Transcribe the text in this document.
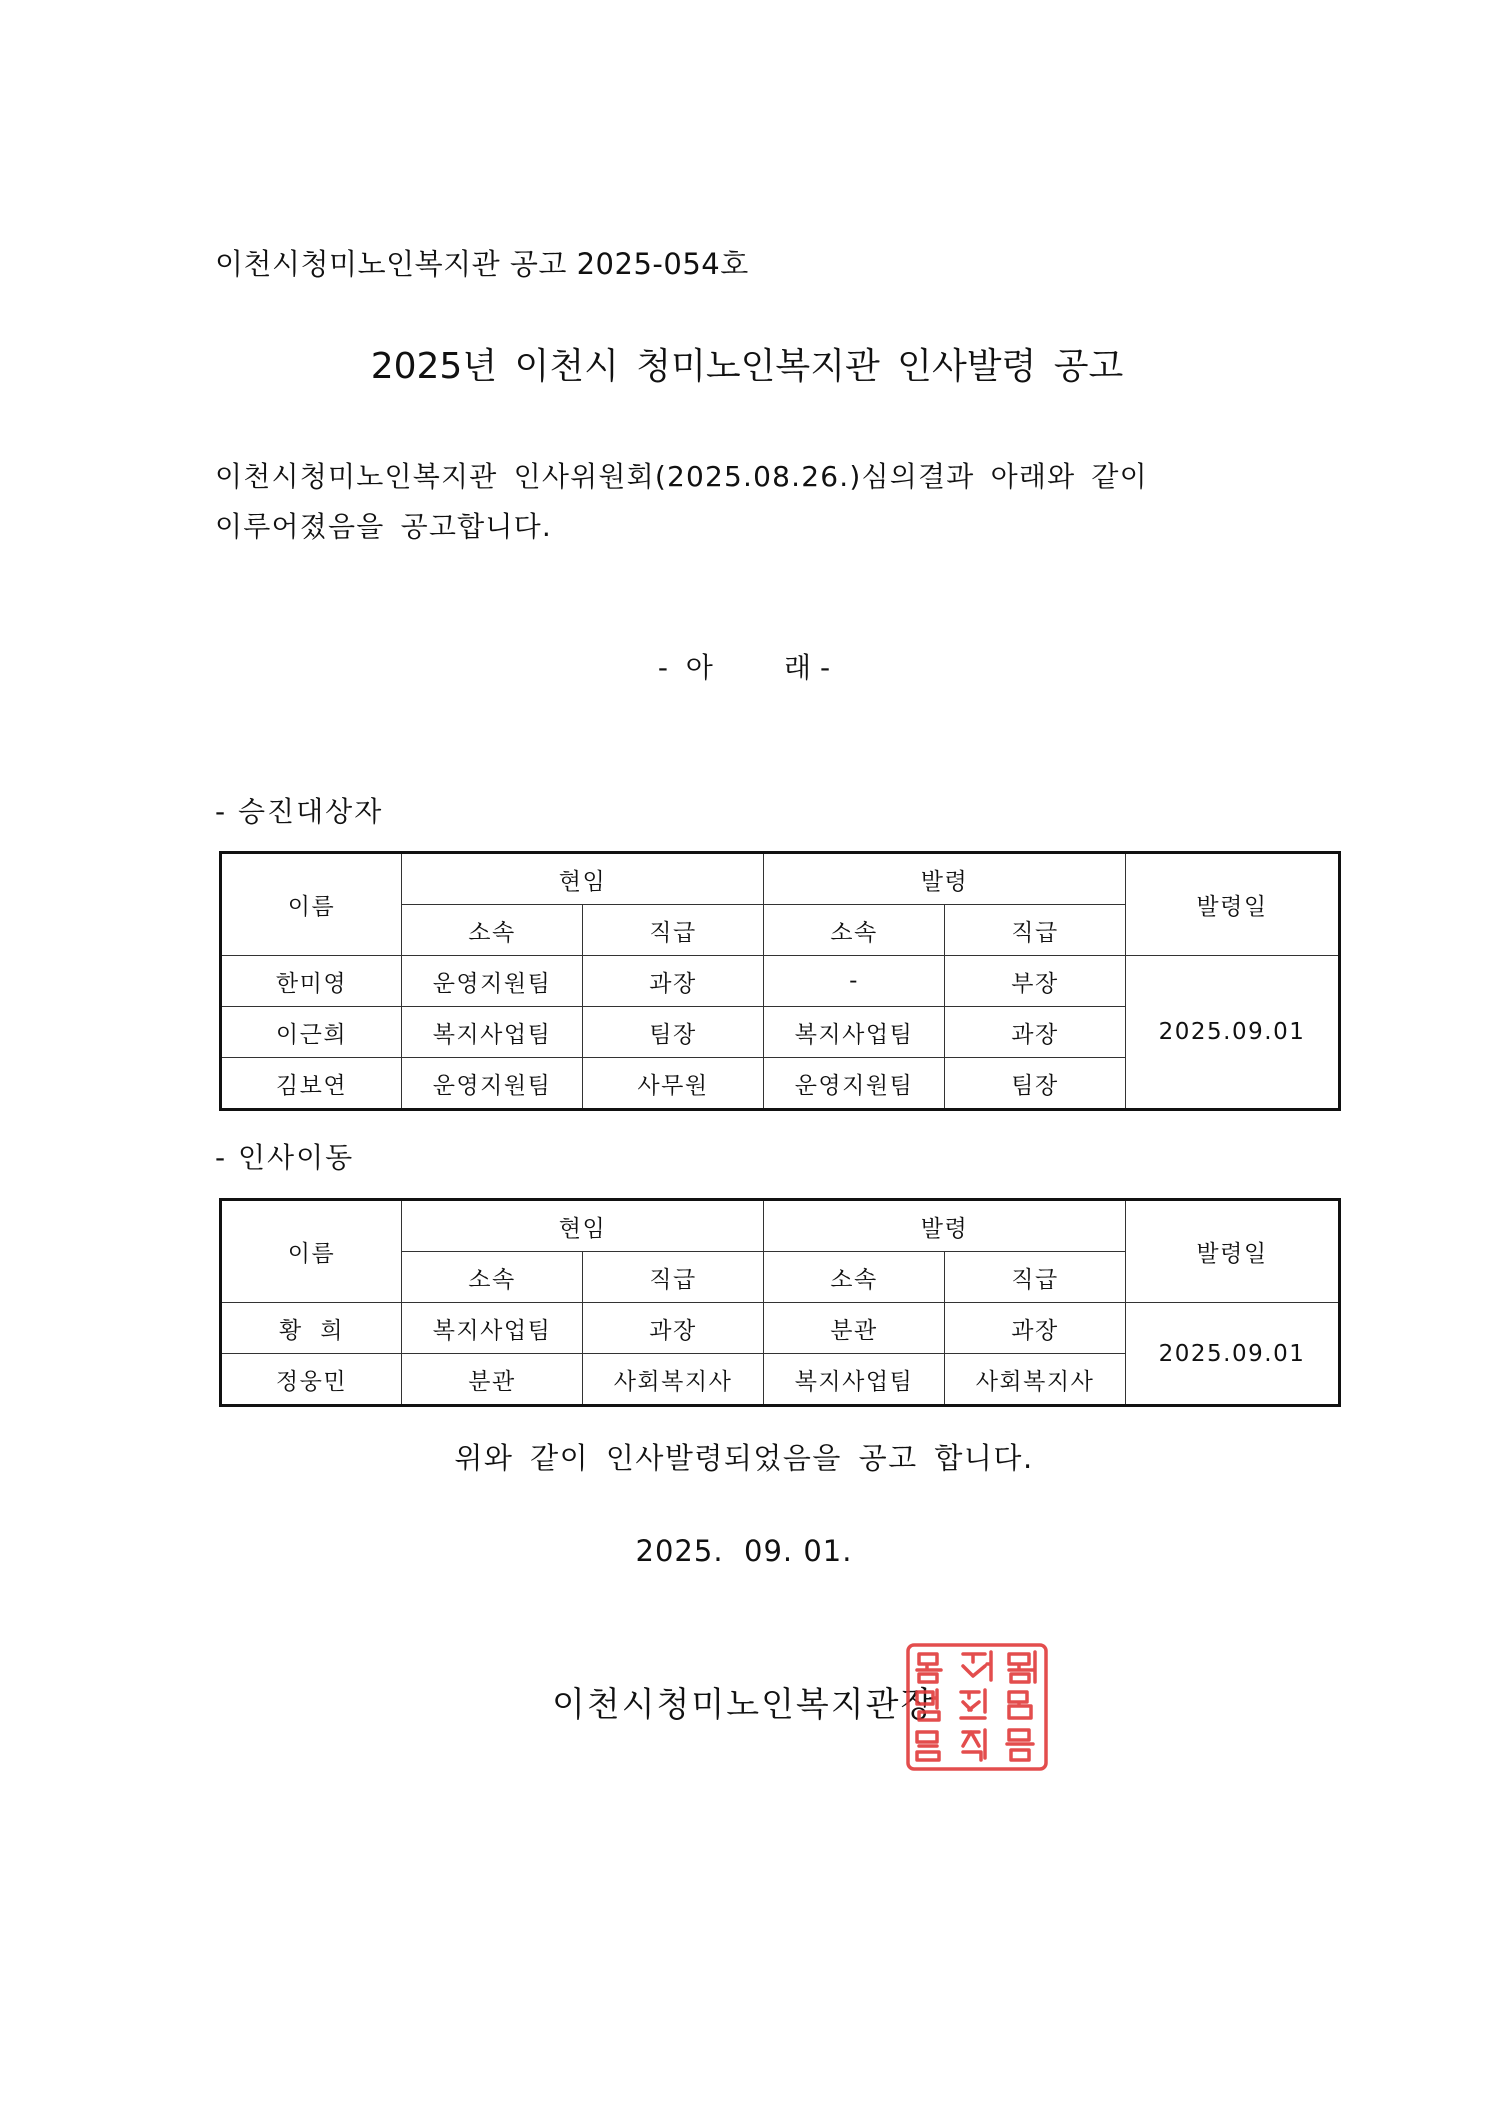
이천시청미노인복지관 공고 2025-054호
2025년 이천시 청미노인복지관 인사발령 공고
이천시청미노인복지관 인사위원회(2025.08.26.)심의결과 아래와 같이
이루어졌음을 공고합니다.
-  아        래 -
- 승진대상자
이름	현임		발령		발령일
	소속	직급	소속	직급	
한미영	운영지원팀	과장	-	부장	2025.09.01
이근희	복지사업팀	팀장	복지사업팀	과장	
김보연	운영지원팀	사무원	운영지원팀	팀장	
- 인사이동
이름	현임		발령		발령일
	소속	직급	소속	직급	
황  희	복지사업팀	과장	분관	과장	2025.09.01
정웅민	분관	사회복지사	복지사업팀	사회복지사	
위와 같이 인사발령되었음을 공고 합니다.
2025.  09. 01.
이천시청미노인복지관장
